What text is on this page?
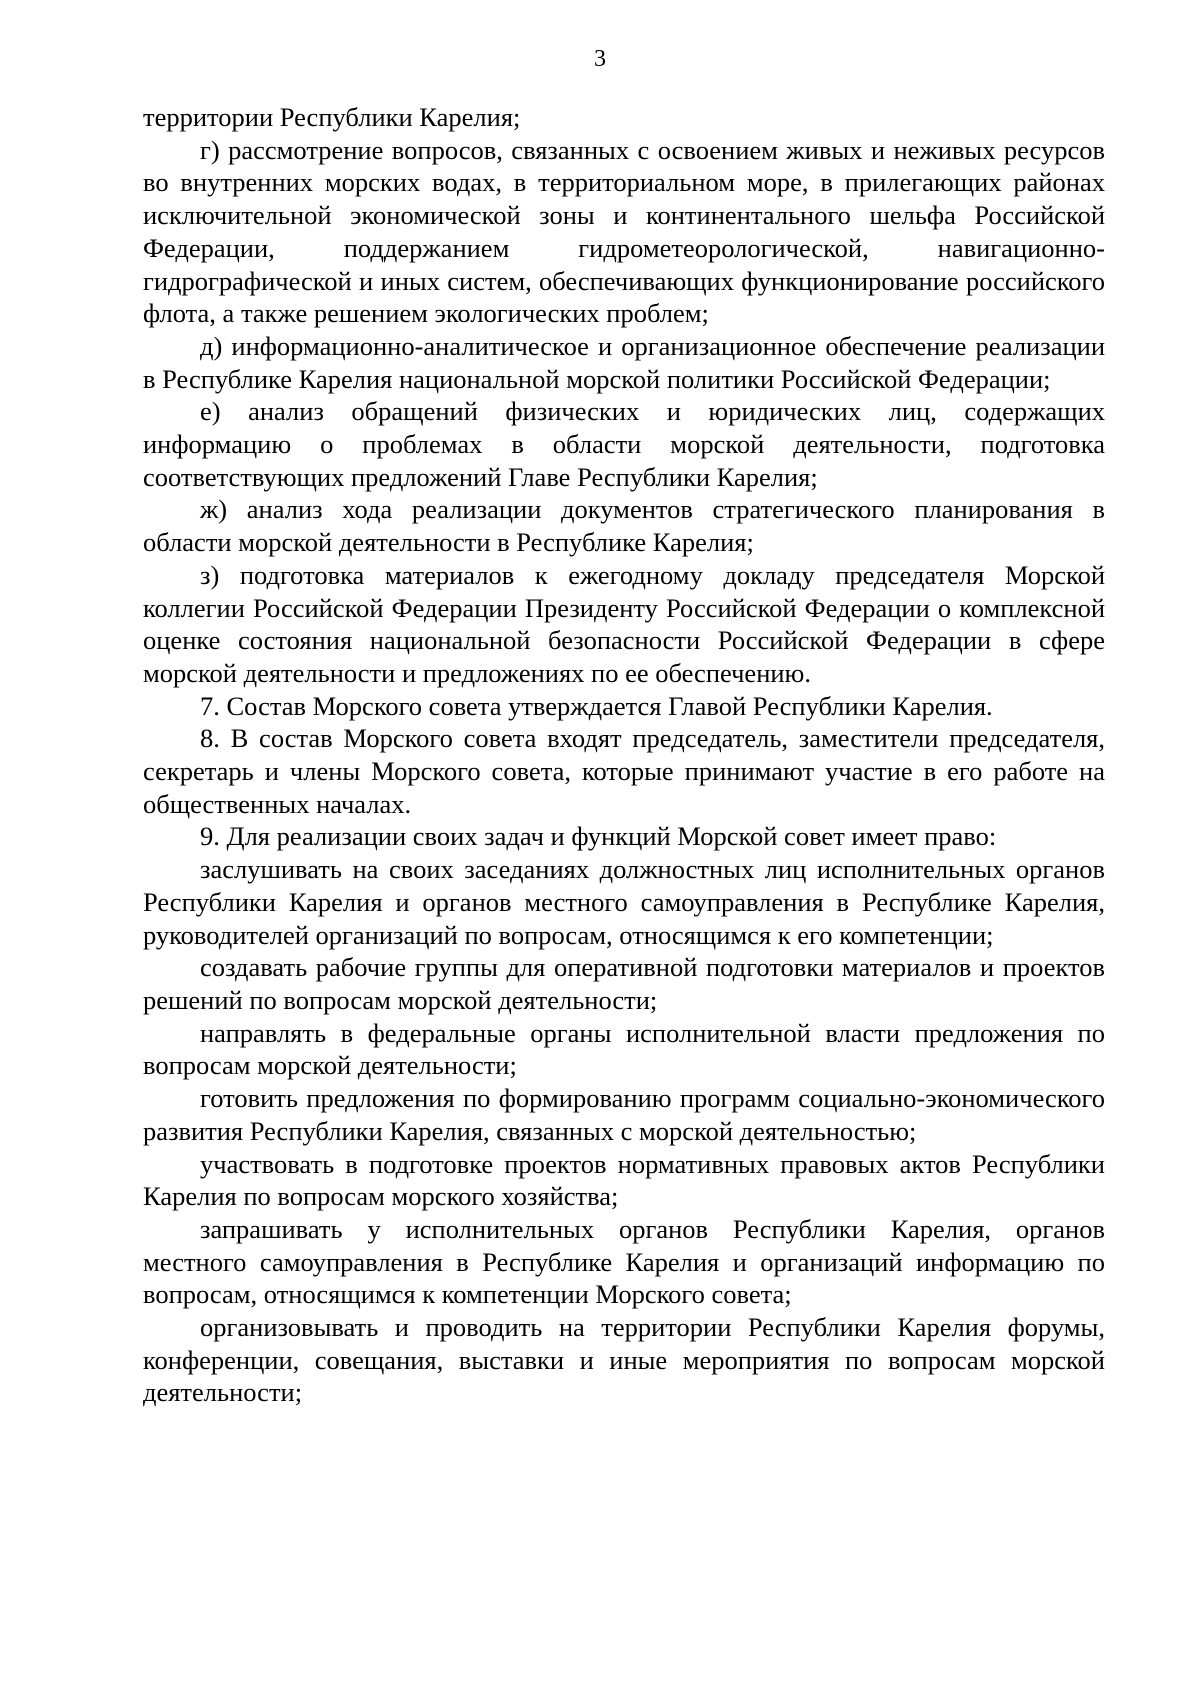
3

территории Республики Карелия;

г) рассмотрение вопросов, связанных с освоением живых и неживых ресурсов во внутренних морских водах, в территориальном море, в прилегающих районах исключительной экономической зоны и континентального шельфа Российской Федерации, поддержанием гидрометеорологической, навигационно-гидрографической и иных систем, обеспечивающих функционирование российского флота, а также решением экологических проблем;

д) информационно-аналитическое и организационное обеспечение реализации в Республике Карелия национальной морской политики Российской Федерации;

е) анализ обращений физических и юридических лиц, содержащих информацию о проблемах в области морской деятельности, подготовка соответствующих предложений Главе Республики Карелия;

ж) анализ хода реализации документов стратегического планирования в области морской деятельности в Республике Карелия;

з) подготовка материалов к ежегодному докладу председателя Морской коллегии Российской Федерации Президенту Российской Федерации о комплексной оценке состояния национальной безопасности Российской Федерации в сфере морской деятельности и предложениях по ее обеспечению.

7. Состав Морского совета утверждается Главой Республики Карелия.

8. В состав Морского совета входят председатель, заместители председателя, секретарь и члены Морского совета, которые принимают участие в его работе на общественных началах.

9. Для реализации своих задач и функций Морской совет имеет право:

заслушивать на своих заседаниях должностных лиц исполнительных органов Республики Карелия и органов местного самоуправления в Республике Карелия, руководителей организаций по вопросам, относящимся к его компетенции;

создавать рабочие группы для оперативной подготовки материалов и проектов решений по вопросам морской деятельности;

направлять в федеральные органы исполнительной власти предложения по вопросам морской деятельности;

готовить предложения по формированию программ социально-экономического развития Республики Карелия, связанных с морской деятельностью;

участвовать в подготовке проектов нормативных правовых актов Республики Карелия по вопросам морского хозяйства;

запрашивать у исполнительных органов Республики Карелия, органов местного самоуправления в Республике Карелия и организаций информацию по вопросам, относящимся к компетенции Морского совета;

организовывать и проводить на территории Республики Карелия форумы, конференции, совещания, выставки и иные мероприятия по вопросам морской деятельности;
